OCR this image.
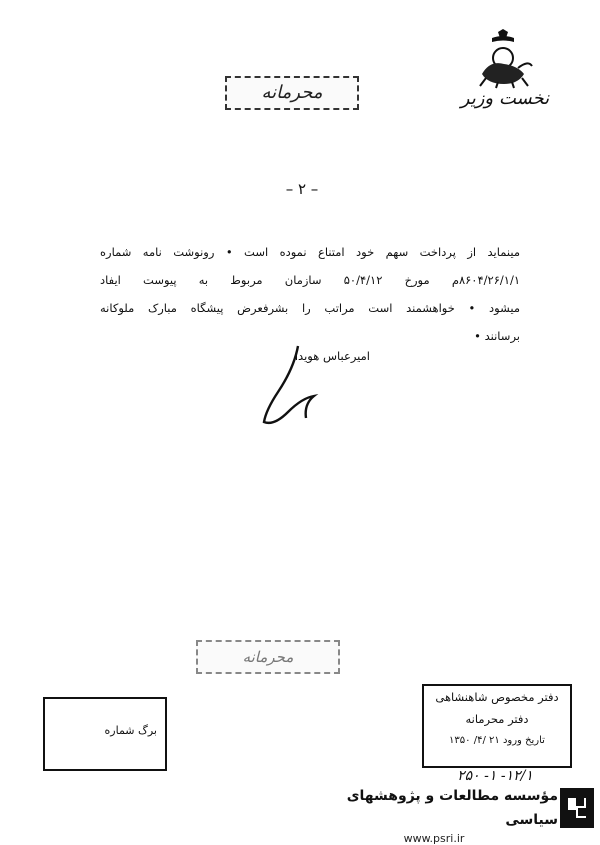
نخست وزیر
محرمانه
– ۲ –
مینماید از پرداخت سهم خود امتناع نموده است • رونوشت نامه شماره
۸۶۰۴/۲۶/۱/۱م مورخ ۵۰/۴/۱۲ سازمان مربوط به پیوست ایفاد
میشود • خواهشمند است مراتب را بشرفعرض پیشگاه مبارک ملوکانه
برسانند •
امیرعباس هویدا
محرمانه
برگ شماره
دفتر مخصوص شاهنشاهی
دفتر محرمانه
تاریخ ورود ۲۱ /۴/ ۱۳۵۰
۱۲/۱- ۱- ۲۵۰
مؤسسه مطالعات و پژوهشهای سیاسی
www.psri.ir
